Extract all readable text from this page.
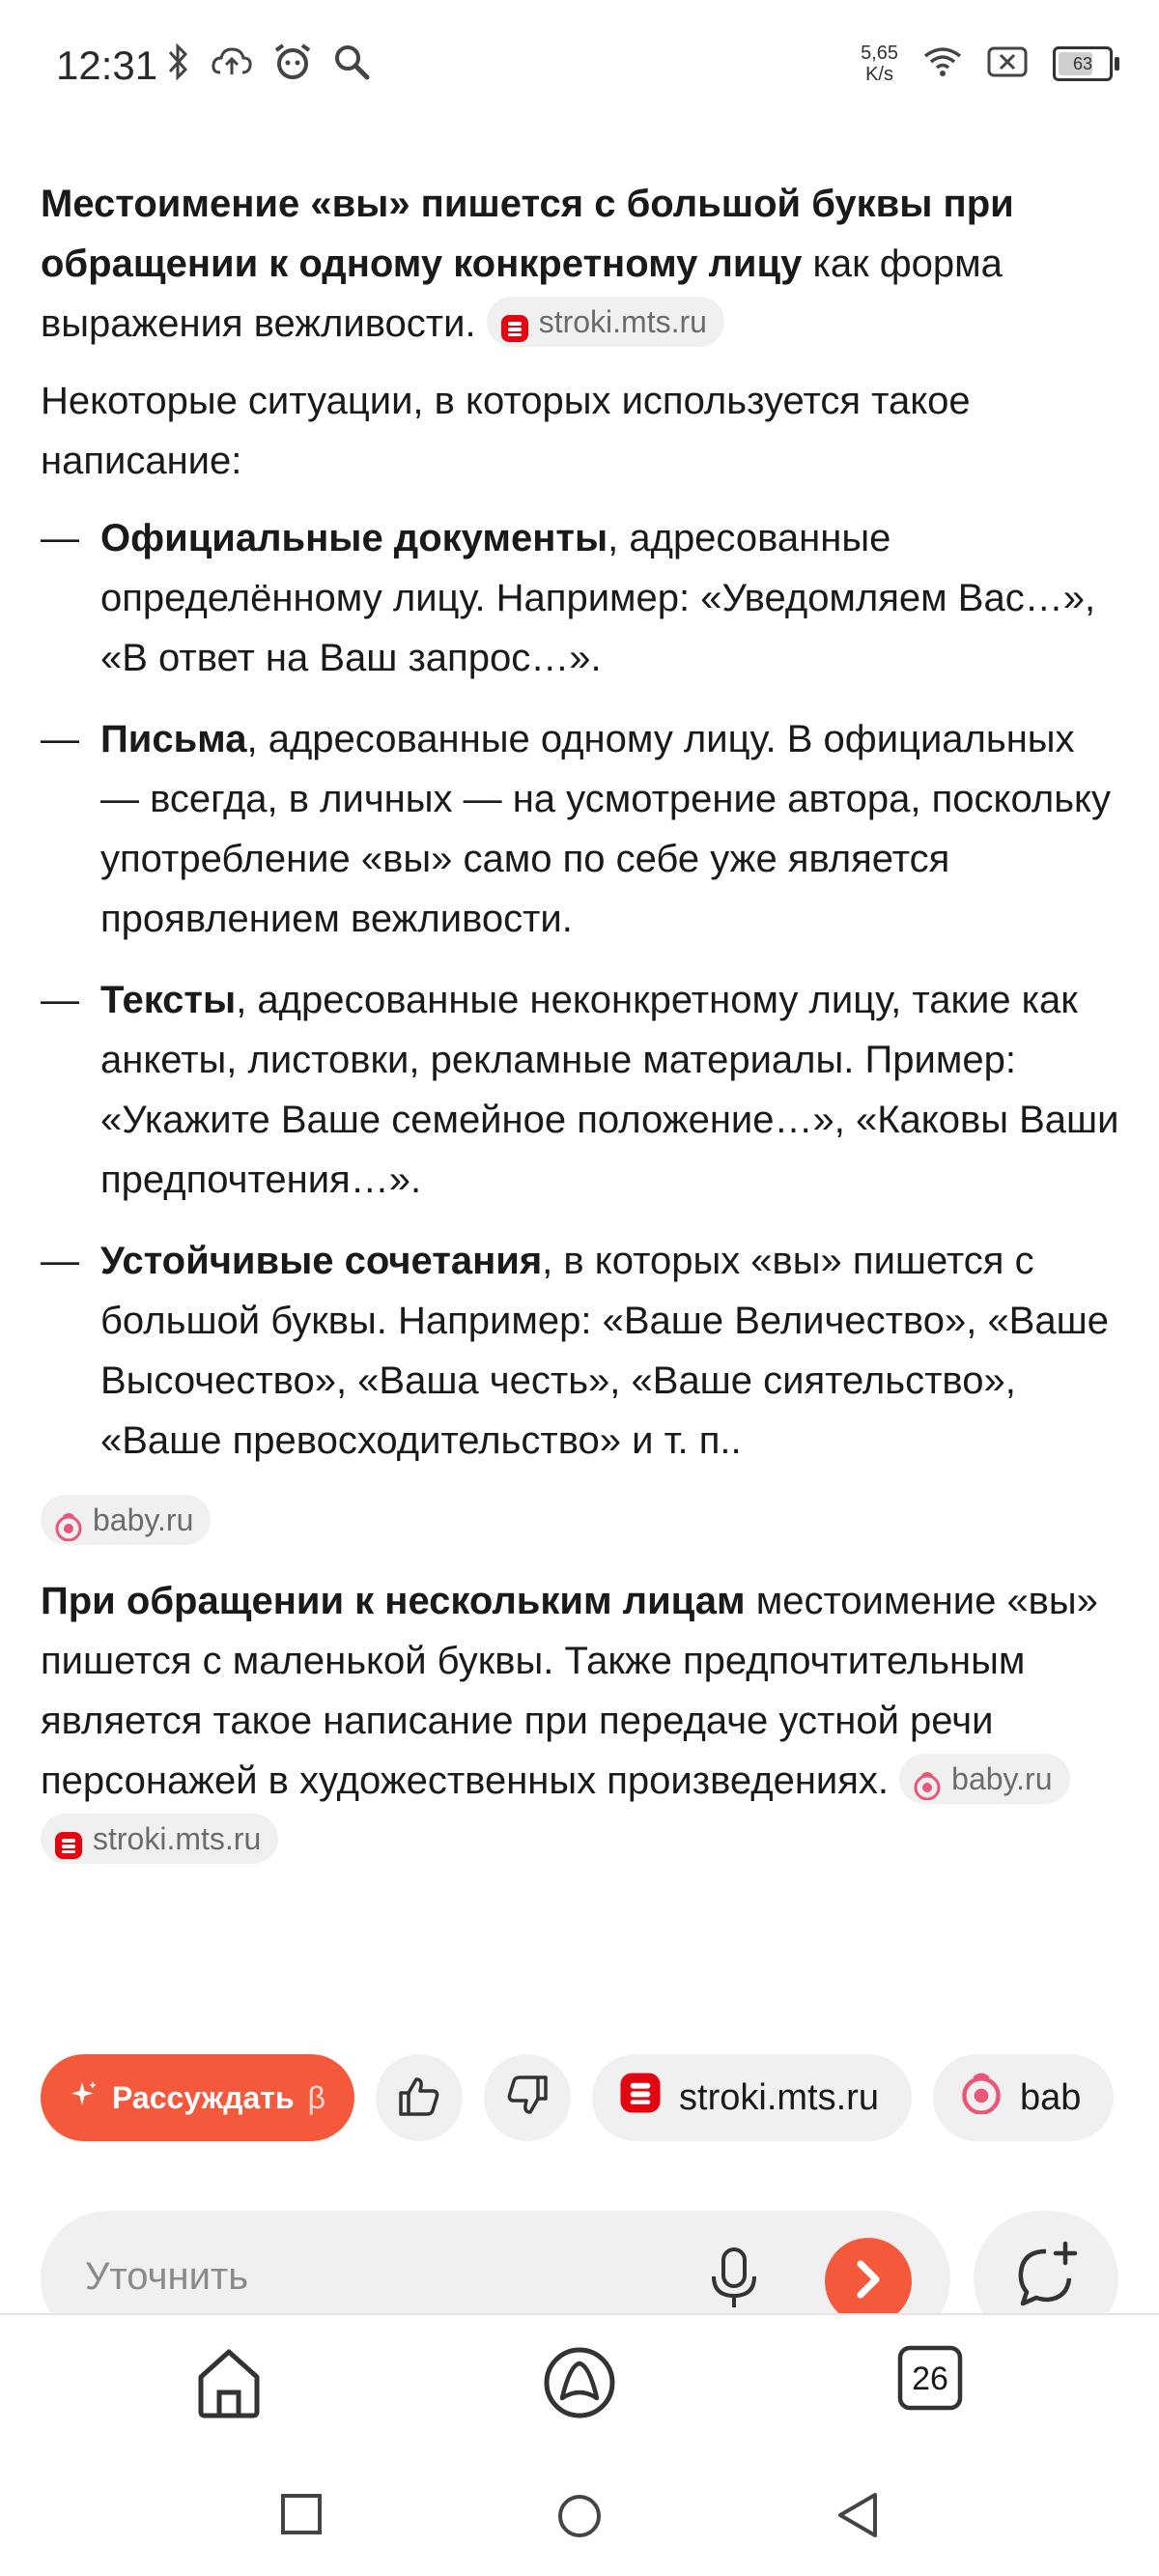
12:31	5,65
K/s	63

Местоимение «вы» пишется с большой буквы при обращении к одному конкретному лицу как форма выражения вежливости. stroki.mts.ru

Некоторые ситуации, в которых используется такое написание:

— Официальные документы, адресованные определённому лицу. Например: «Уведомляем Вас…», «В ответ на Ваш запрос…».
— Письма, адресованные одному лицу. В официальных — всегда, в личных — на усмотрение автора, поскольку употребление «вы» само по себе уже является проявлением вежливости.
— Тексты, адресованные неконкретному лицу, такие как анкеты, листовки, рекламные материалы. Пример: «Укажите Ваше семейное положение…», «Каковы Ваши предпочтения…».
— Устойчивые сочетания, в которых «вы» пишется с большой буквы. Например: «Ваше Величество», «Ваше Высочество», «Ваша честь», «Ваше сиятельство», «Ваше превосходительство» и т. п..
baby.ru

При обращении к нескольким лицам местоимение «вы» пишется с маленькой буквы. Также предпочтительным является такое написание при передаче устной речи персонажей в художественных произведениях. baby.ru

stroki.mts.ru

Рассуждать β	stroki.mts.ru	bab
Уточнить
26
